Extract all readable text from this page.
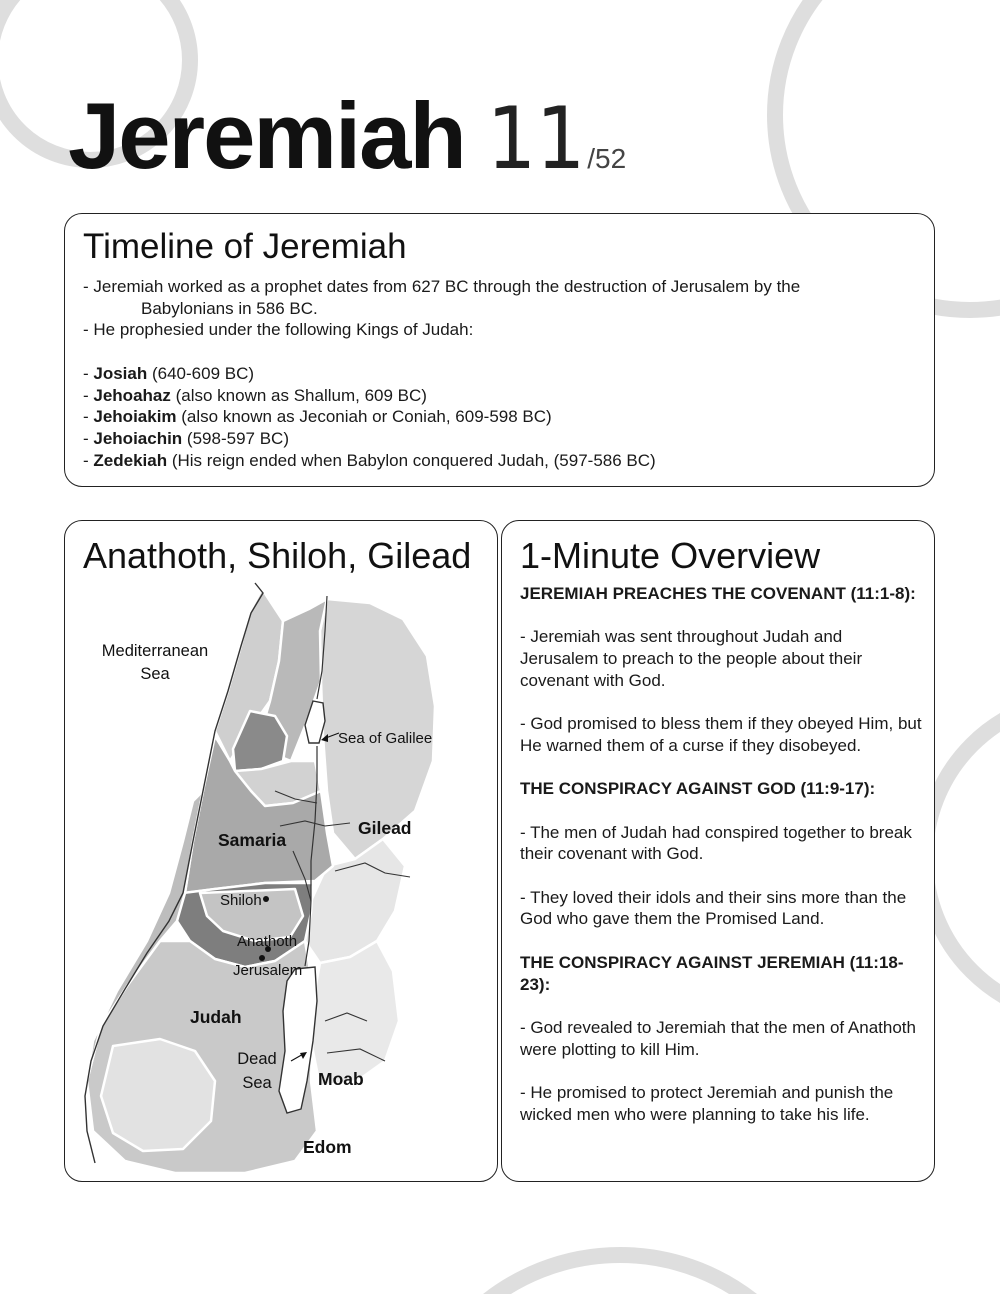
Jeremiah 11/52
Timeline of Jeremiah
- Jeremiah worked as a prophet dates from 627 BC through the destruction of Jerusalem by the
Babylonians in 586 BC.
- He prophesied under the following Kings of Judah:

- Josiah (640-609 BC)
- Jehoahaz (also known as Shallum, 609 BC)
- Jehoiakim (also known as Jeconiah or Coniah, 609-598 BC)
- Jehoiachin (598-597 BC)
- Zedekiah (His reign ended when Babylon conquered Judah, (597-586 BC)
Anathoth, Shiloh, Gilead
Mediterranean
Sea
Sea of Galilee
Gilead
Samaria
Shiloh
Anathoth
Jerusalem
Judah
Dead
Sea	Moab
Edom
1-Minute Overview

JEREMIAH PREACHES THE COVENANT (11:1-8):

- Jeremiah was sent throughout Judah and Jerusalem to preach to the people about their covenant with God.

- God promised to bless them if they obeyed Him, but He warned them of a curse if they disobeyed.

THE CONSPIRACY AGAINST GOD (11:9-17):

- The men of Judah had conspired together to break their covenant with God.

- They loved their idols and their sins more than the God who gave them the Promised Land.

THE CONSPIRACY AGAINST JEREMIAH (11:18-23):

- God revealed to Jeremiah that the men of Anathoth were plotting to kill Him.

- He promised to protect Jeremiah and punish the wicked men who were planning to take his life.
